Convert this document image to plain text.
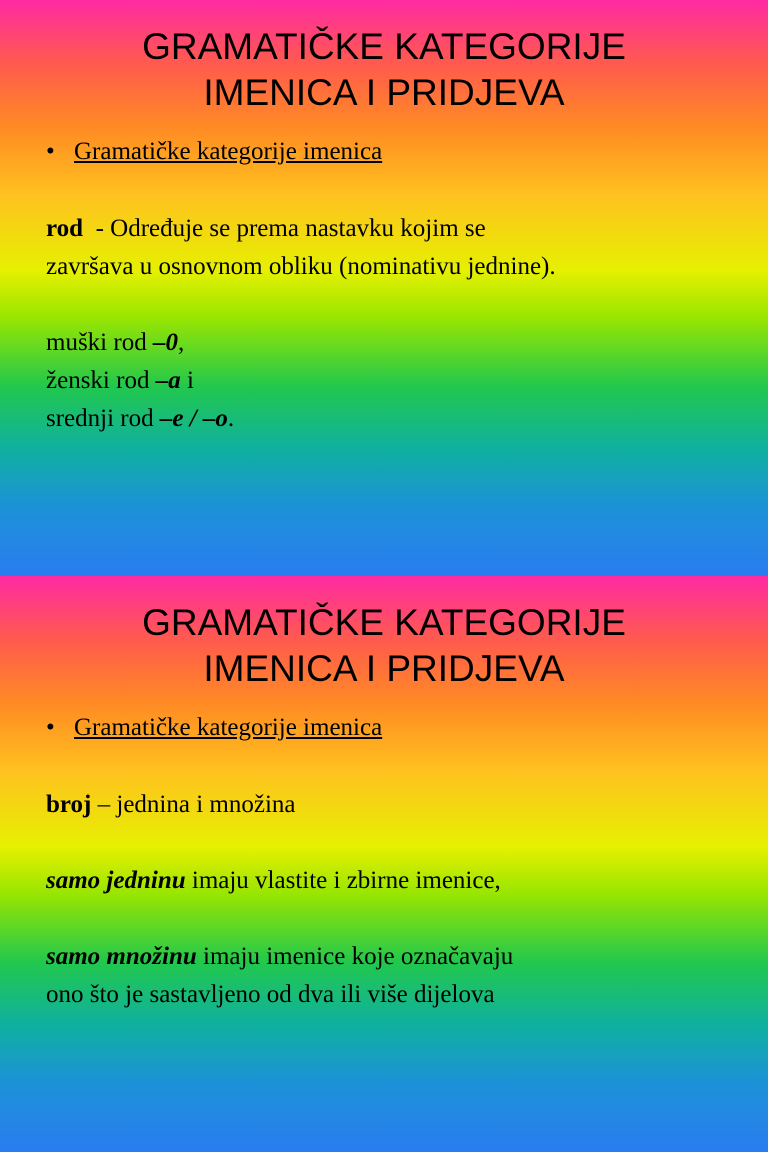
GRAMATIČKE KATEGORIJE
IMENICA I PRIDJEVA
• Gramatičke kategorije imenica

rod  - Određuje se prema nastavku kojim se

završava u osnovnom obliku (nominativu jednine).

muški rod –0,

ženski rod –a i

srednji rod –e / –o.

GRAMATIČKE KATEGORIJE
IMENICA I PRIDJEVA
• Gramatičke kategorije imenica

broj – jednina i množina

samo jedninu imaju vlastite i zbirne imenice,

samo množinu imaju imenice koje označavaju

ono što je sastavljeno od dva ili više dijelova
